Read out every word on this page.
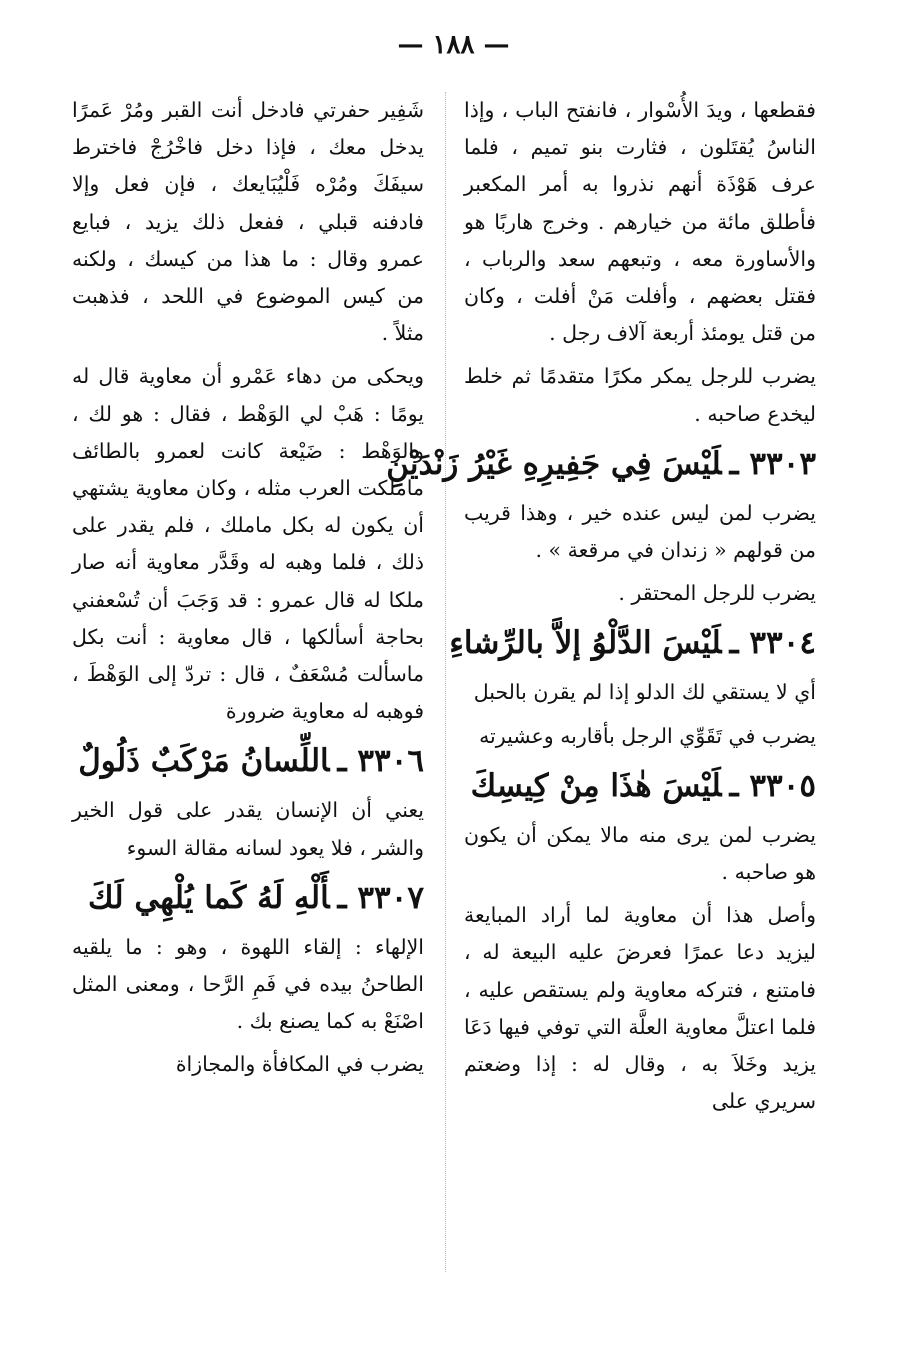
— ١٨٨ —

فقطعها ، ويدَ الأُسْوار ، فانفتح الباب ، وإذا الناسُ يُقتَلون ، فثارت بنو تميم ، فلما عرف هَوْذَة أنهم نذروا به أمر المكعبر فأطلق مائة من خيارهم . وخرج هاربًا هو والأساورة معه ، وتبعهم سعد والرباب ، فقتل بعضهم ، وأفلت مَنْ أفلت ، وكان من قتل يومئذ أربعة آلاف رجل .

يضرب للرجل يمكر مكرًا متقدمًا ثم خلط ليخدع صاحبه .

٣٣٠٣ ـلَيْسَ فِي جَفِيرِهِ غَيْرُ زَنْدَيْنِ

يضرب لمن ليس عنده خير ، وهذا قريب من قولهم « زندان في مرقعة » .

يضرب للرجل المحتقر .

٣٣٠٤ ـلَيْسَ الدَّلْوُ إلاَّ بالرِّشاءِ

أي لا يستقي لك الدلو إذا لم يقرن بالحبل

يضرب في تَقَوِّي الرجل بأقاربه وعشيرته

٣٣٠٥ ـلَيْسَ هٰذَا مِنْ كِيسِكَ

يضرب لمن يرى منه مالا يمكن أن يكون هو صاحبه .

وأصل هذا أن معاوية لما أراد المبايعة ليزيد دعا عمرًا فعرضَ عليه البيعة له ، فامتنع ، فتركه معاوية ولم يستقص عليه ، فلما اعتلَّ معاوية العلَّة التي توفي فيها دَعَا يزيد وخَلاَ به ، وقال له : إذا وضعتم سريري على

شَفِير حفرتي فادخل أنت القبر ومُرْ عَمرًا يدخل معك ، فإذا دخل فاخْرُجْ فاخترط سيفَكَ ومُرْه فَلْيُبَايعك ، فإن فعل وإلا فادفنه قبلي ، ففعل ذلك يزيد ، فبايع عمرو وقال : ما هذا من كيسك ، ولكنه من كيس الموضوع في اللحد ، فذهبت مثلاً .

ويحكى من دهاء عَمْرو أن معاوية قال له يومًا : هَبْ لي الوَهْط ، فقال : هو لك ، والوَهْط : ضَيْعة كانت لعمرو بالطائف ماملكت العرب مثله ، وكان معاوية يشتهي أن يكون له بكل ماملك ، فلم يقدر على ذلك ، فلما وهبه له وقَدَّر معاوية أنه صار ملكا له قال عمرو : قد وَجَبَ أن تُسْعفني بحاجة أسألكها ، قال معاوية : أنت بكل ماسألت مُسْعَفٌ ، قال : تردّ إلى الوَهْطَ ، فوهبه له معاوية ضرورة

٣٣٠٦ ـاللِّسانُ مَرْكَبٌ ذَلُولٌ

يعني أن الإنسان يقدر على قول الخير والشر ، فلا يعود لسانه مقالة السوء

٣٣٠٧ ـأَلْهِ لَهُ كَما يُلْهِي لَكَ

الإلهاء : إلقاء اللهوة ، وهو : ما يلقيه الطاحنُ بيده في فَمِ الرَّحا ، ومعنى المثل اصْنَعْ به كما يصنع بك .

يضرب في المكافأة والمجازاة
